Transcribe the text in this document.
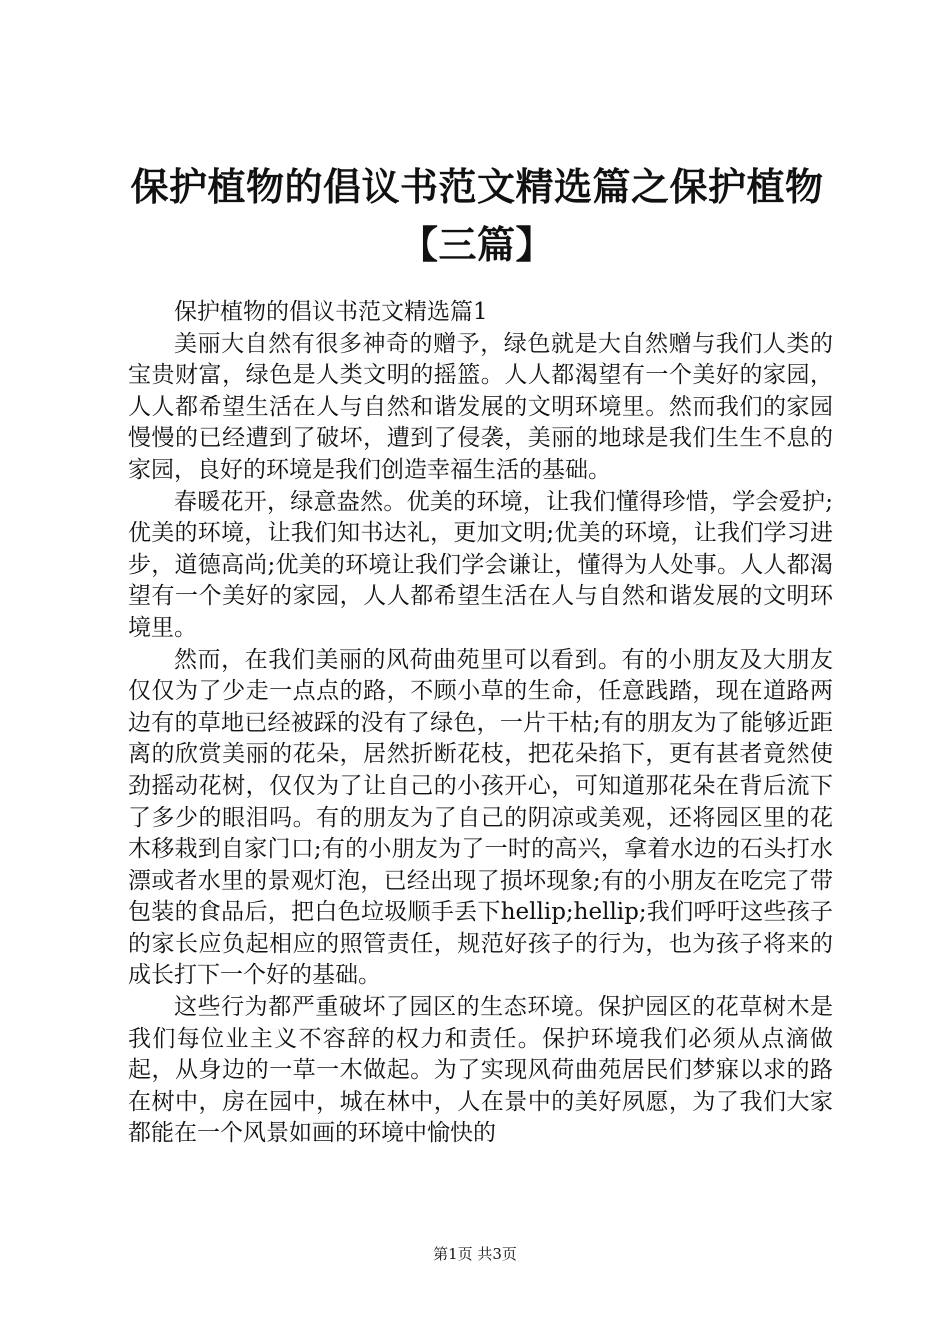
保护植物的倡议书范文精选篇之保护植物【三篇】

保护植物的倡议书范文精选篇1

美丽大自然有很多神奇的赠予，绿色就是大自然赠与我们人类的宝贵财富，绿色是人类文明的摇篮。人人都渴望有一个美好的家园，人人都希望生活在人与自然和谐发展的文明环境里。然而我们的家园慢慢的已经遭到了破坏，遭到了侵袭，美丽的地球是我们生生不息的家园，良好的环境是我们创造幸福生活的基础。

春暖花开，绿意盎然。优美的环境，让我们懂得珍惜，学会爱护;优美的环境，让我们知书达礼，更加文明;优美的环境，让我们学习进步，道德高尚;优美的环境让我们学会谦让，懂得为人处事。人人都渴望有一个美好的家园，人人都希望生活在人与自然和谐发展的文明环境里。

然而，在我们美丽的风荷曲苑里可以看到。有的小朋友及大朋友仅仅为了少走一点点的路，不顾小草的生命，任意践踏，现在道路两边有的草地已经被踩的没有了绿色，一片干枯;有的朋友为了能够近距离的欣赏美丽的花朵，居然折断花枝，把花朵掐下，更有甚者竟然使劲摇动花树，仅仅为了让自己的小孩开心，可知道那花朵在背后流下了多少的眼泪吗。有的朋友为了自己的阴凉或美观，还将园区里的花木移栽到自家门口;有的小朋友为了一时的高兴，拿着水边的石头打水漂或者水里的景观灯泡，已经出现了损坏现象;有的小朋友在吃完了带包装的食品后，把白色垃圾顺手丢下hellip;hellip;我们呼吁这些孩子的家长应负起相应的照管责任，规范好孩子的行为，也为孩子将来的成长打下一个好的基础。

这些行为都严重破坏了园区的生态环境。保护园区的花草树木是我们每位业主义不容辞的权力和责任。保护环境我们必须从点滴做起，从身边的一草一木做起。为了实现风荷曲苑居民们梦寐以求的路在树中，房在园中，城在林中，人在景中的美好夙愿，为了我们大家都能在一个风景如画的环境中愉快的

第1页 共3页
